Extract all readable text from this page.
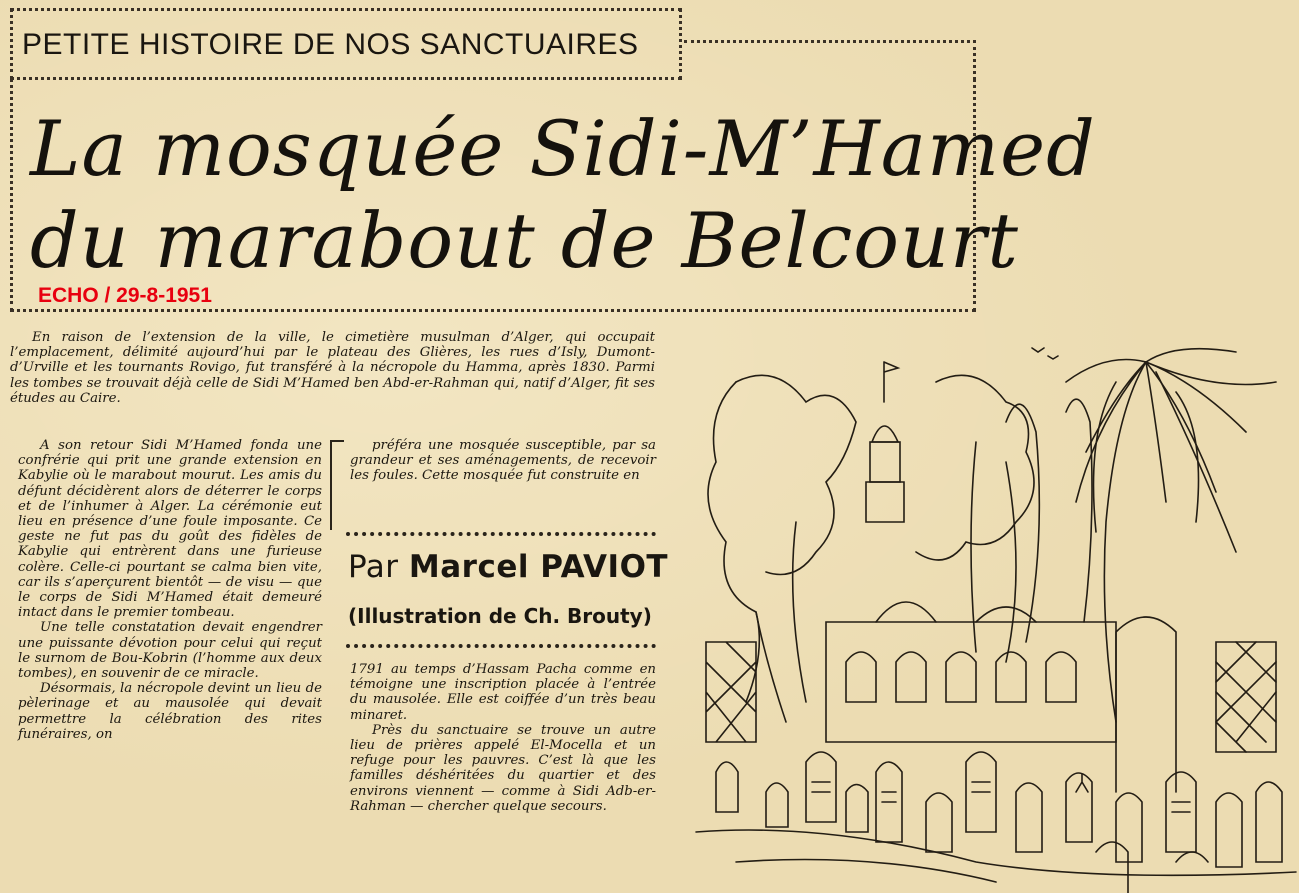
PETITE HISTOIRE DE NOS SANCTUAIRES
La mosquée Sidi-M’Hamed
du marabout de Belcourt
ECHO / 29-8-1951

En raison de l’extension de la ville, le cimetière musulman d’Alger, qui occupait l’emplacement, délimité aujourd’hui par le plateau des Glières, les rues d’Isly, Dumont-d’Urville et les tournants Rovigo, fut transféré à la nécropole du Hamma, après 1830. Parmi les tombes se trouvait déjà celle de Sidi M’Hamed ben Abd-er-Rahman qui, natif d’Alger, fit ses études au Caire.

A son retour Sidi M’Hamed fonda une confrérie qui prit une grande extension en Kabylie où le marabout mourut. Les amis du défunt décidèrent alors de déterrer le corps et de l’inhumer à Alger. La cérémonie eut lieu en présence d’une foule imposante. Ce geste ne fut pas du goût des fidèles de Kabylie qui entrèrent dans une furieuse colère. Celle-ci pourtant se calma bien vite, car ils s’aperçurent bientôt — de visu — que le corps de Sidi M’Hamed était demeuré intact dans le premier tombeau.

Une telle constatation devait engendrer une puissante dévotion pour celui qui reçut le surnom de Bou-Kobrin (l’homme aux deux tombes), en souvenir de ce miracle.

Désormais, la nécropole devint un lieu de pèlerinage et au mausolée qui devait permettre la célébration des rites funéraires, on

préféra une mosquée susceptible, par sa grandeur et ses aménagements, de recevoir les foules. Cette mosquée fut construite en

Par Marcel PAVIOT
(Illustration de Ch. Brouty)

1791 au temps d’Hassam Pacha comme en témoigne une inscription placée à l’entrée du mausolée. Elle est coiffée d’un très beau minaret.

Près du sanctuaire se trouve un autre lieu de prières appelé El-Mocella et un refuge pour les pauvres. C’est là que les familles déshéritées du quartier et des environs viennent — comme à Sidi Adb-er-Rahman — chercher quelque secours.
